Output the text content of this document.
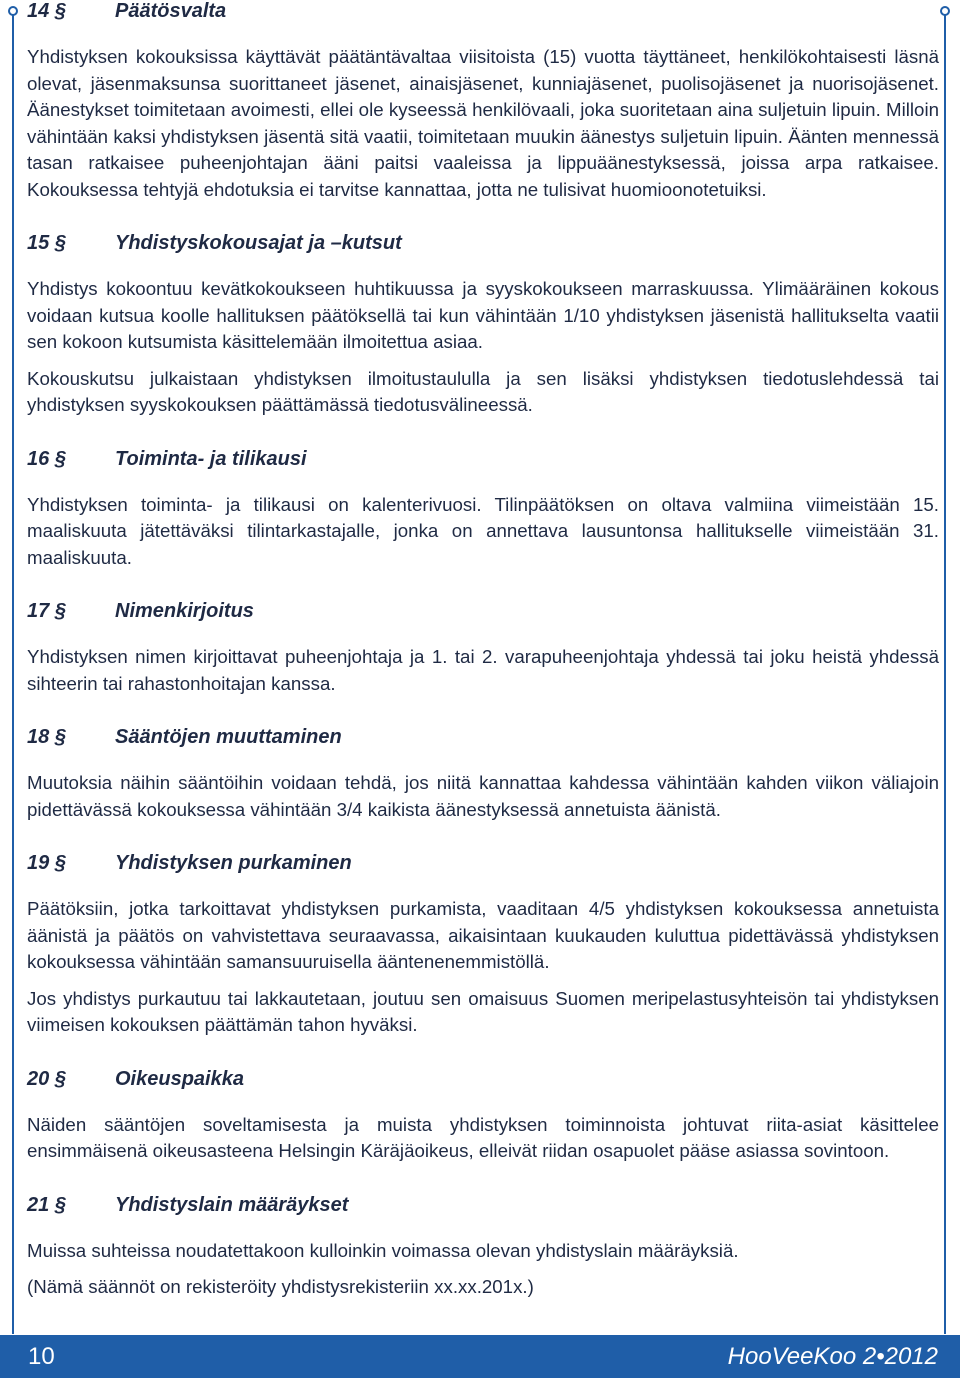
14 § Päätösvalta

Yhdistyksen kokouksissa käyttävät päätäntävaltaa viisitoista (15) vuotta täyttäneet, henkilökohtaisesti läsnä olevat, jäsenmaksunsa suorittaneet jäsenet, ainaisjäsenet, kunniajäsenet, puolisojäsenet ja nuorisojäsenet. Äänestykset toimitetaan avoimesti, ellei ole kyseessä henkilövaali, joka suoritetaan aina suljetuin lipuin. Milloin vähintään kaksi yhdistyksen jäsentä sitä vaatii, toimitetaan muukin äänestys suljetuin lipuin. Äänten mennessä tasan ratkaisee puheenjohtajan ääni paitsi vaaleissa ja lippuäänestyksessä, joissa arpa ratkaisee. Kokouksessa tehtyjä ehdotuksia ei tarvitse kannattaa, jotta ne tulisivat huomioonotetuiksi.

15 § Yhdistyskokousajat ja –kutsut

Yhdistys kokoontuu kevätkokoukseen huhtikuussa ja syyskokoukseen marraskuussa. Ylimääräinen kokous voidaan kutsua koolle hallituksen päätöksellä tai kun vähintään 1/10 yhdistyksen jäsenistä hallitukselta vaatii sen kokoon kutsumista käsittelemään ilmoitettua asiaa.

Kokouskutsu julkaistaan yhdistyksen ilmoitustaululla ja sen lisäksi yhdistyksen tiedotuslehdessä tai yhdistyksen syyskokouksen päättämässä tiedotusvälineessä.

16 § Toiminta- ja tilikausi

Yhdistyksen toiminta- ja tilikausi on kalenterivuosi. Tilinpäätöksen on oltava valmiina viimeistään 15. maaliskuuta jätettäväksi tilintarkastajalle, jonka on annettava lausuntonsa hallitukselle viimeistään 31. maaliskuuta.

17 § Nimenkirjoitus

Yhdistyksen nimen kirjoittavat puheenjohtaja ja 1. tai 2. varapuheenjohtaja yhdessä tai joku heistä yhdessä sihteerin tai rahastonhoitajan kanssa.

18 § Sääntöjen muuttaminen

Muutoksia näihin sääntöihin voidaan tehdä, jos niitä kannattaa kahdessa vähintään kahden viikon väliajoin pidettävässä kokouksessa vähintään 3/4 kaikista äänestyksessä annetuista äänistä.

19 § Yhdistyksen purkaminen

Päätöksiin, jotka tarkoittavat yhdistyksen purkamista, vaaditaan 4/5 yhdistyksen kokouksessa annetuista äänistä ja päätös on vahvistettava seuraavassa, aikaisintaan kuukauden kuluttua pidettävässä yhdistyksen kokouksessa vähintään samansuuruisella ääntenenemmistöllä.

Jos yhdistys purkautuu tai lakkautetaan, joutuu sen omaisuus Suomen meripelastusyhteisön tai yhdistyksen viimeisen kokouksen päättämän tahon hyväksi.

20 § Oikeuspaikka

Näiden sääntöjen soveltamisesta ja muista yhdistyksen toiminnoista johtuvat riita-asiat käsittelee ensimmäisenä oikeusasteena Helsingin Käräjäoikeus, elleivät riidan osapuolet pääse asiassa sovintoon.

21 § Yhdistyslain määräykset

Muissa suhteissa noudatettakoon kulloinkin voimassa olevan yhdistyslain määräyksiä.

(Nämä säännöt on rekisteröity yhdistysrekisteriin xx.xx.201x.)

10	HooVeeKoo 2•2012
